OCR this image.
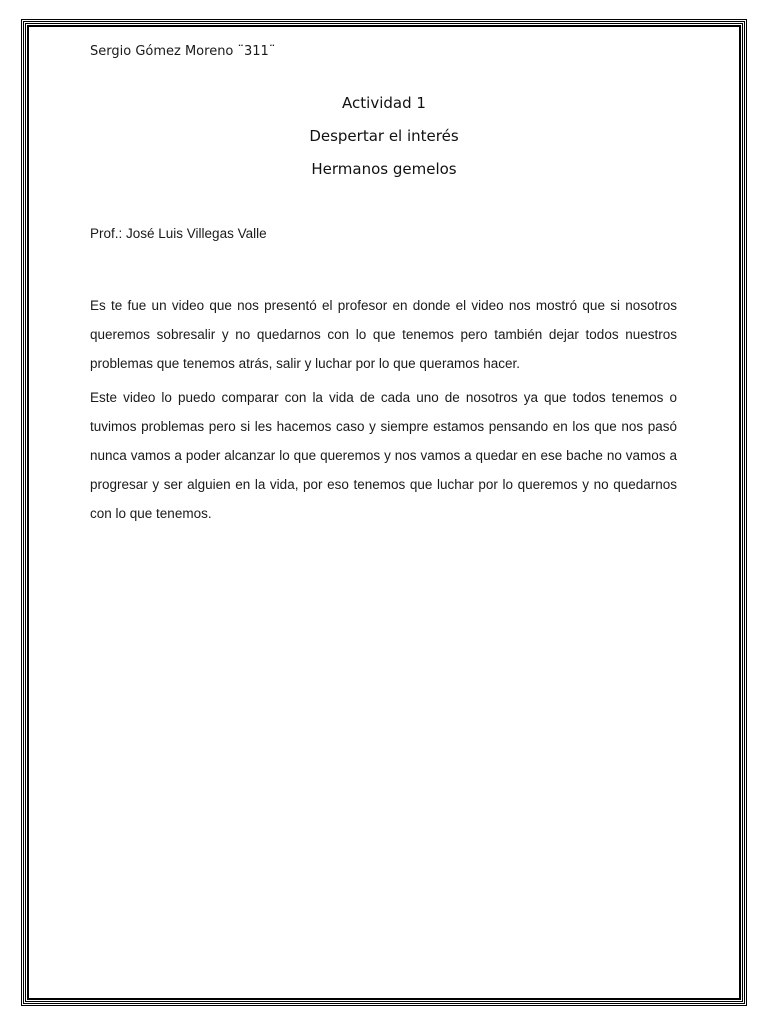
Sergio Gómez Moreno ¨311¨
Actividad 1
Despertar el interés
Hermanos gemelos
Prof.: José Luis Villegas Valle
Es te fue un video que nos presentó el profesor en donde el video nos mostró que si nosotros queremos sobresalir y no quedarnos con lo que tenemos pero también dejar todos nuestros problemas que tenemos atrás, salir y luchar por lo que queramos hacer.
Este video lo puedo comparar con la vida de cada uno de nosotros ya que todos tenemos o tuvimos problemas pero si les hacemos caso y siempre estamos pensando en los que nos pasó nunca vamos a poder alcanzar lo que queremos y nos vamos a quedar en ese bache no vamos a progresar y ser alguien en la vida, por eso tenemos que luchar por lo queremos y no quedarnos con lo que tenemos.
